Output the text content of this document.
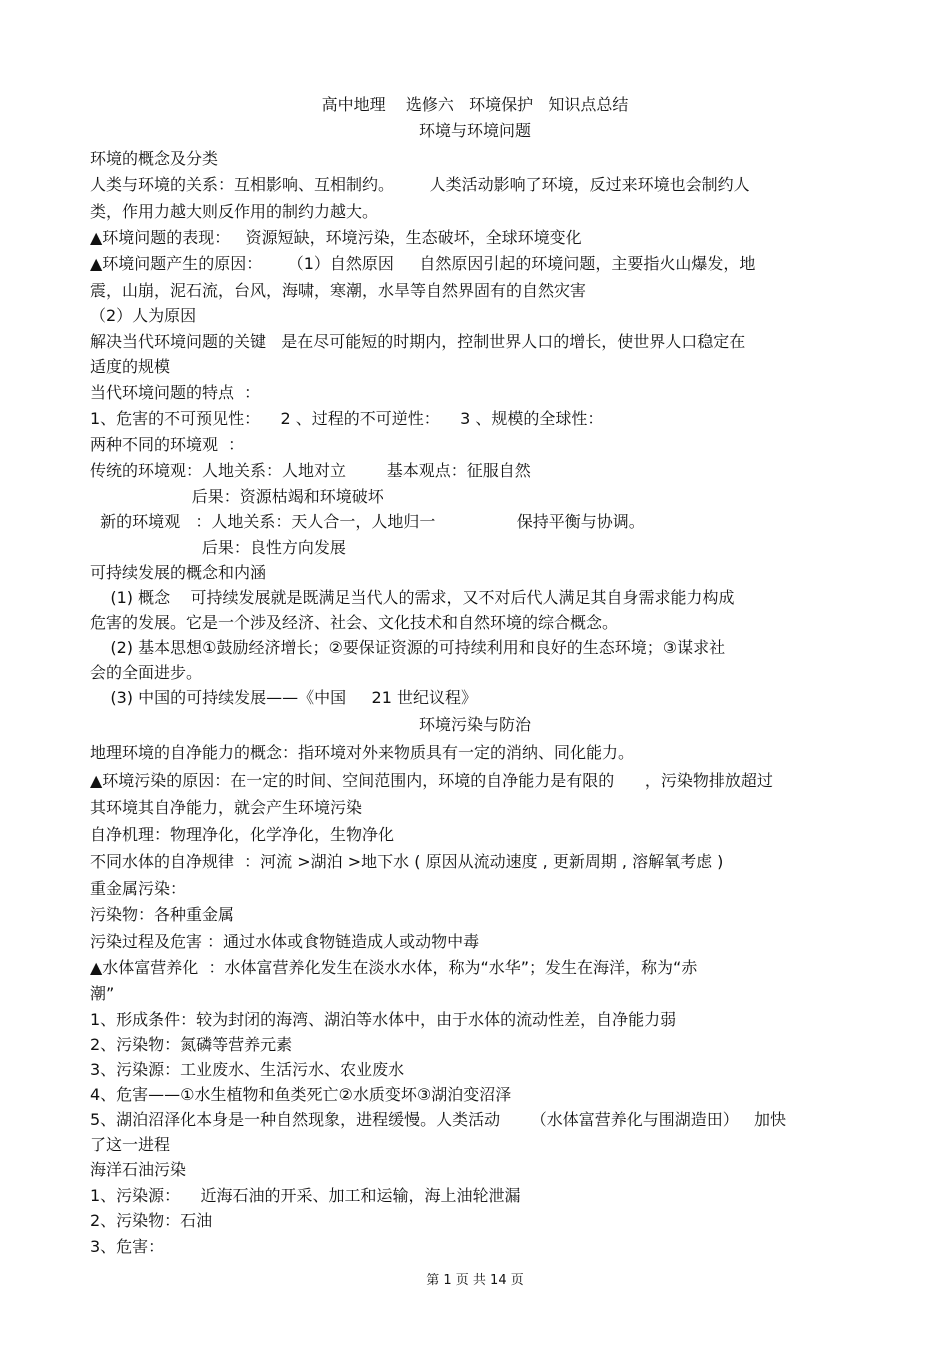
高中地理    选修六   环境保护   知识点总结
环境与环境问题
环境的概念及分类
人类与环境的关系：互相影响、互相制约。       人类活动影响了环境，反过来环境也会制约人
类，作用力越大则反作用的制约力越大。
▲环境问题的表现：   资源短缺，环境污染，生态破坏，全球环境变化
▲环境问题产生的原因：     （1）自然原因     自然原因引起的环境问题，主要指火山爆发，地
震，山崩，泥石流，台风，海啸，寒潮，水旱等自然界固有的自然灾害
（2）人为原因
解决当代环境问题的关键   是在尽可能短的时期内，控制世界人口的增长，使世界人口稳定在
适度的规模
当代环境问题的特点  ：
1、危害的不可预见性：    2 、过程的不可逆性：    3 、规模的全球性：
两种不同的环境观  ：
传统的环境观：人地关系：人地对立        基本观点：征服自然
后果：资源枯竭和环境破坏
新的环境观   ：人地关系：天人合一，人地归一                保持平衡与协调。
后果：良性方向发展
可持续发展的概念和内涵
(1) 概念    可持续发展就是既满足当代人的需求，又不对后代人满足其自身需求能力构成
危害的发展。它是一个涉及经济、社会、文化技术和自然环境的综合概念。
(2) 基本思想①鼓励经济增长；②要保证资源的可持续利用和良好的生态环境；③谋求社
会的全面进步。
(3) 中国的可持续发展——《中国     21 世纪议程》
环境污染与防治
地理环境的自净能力的概念：指环境对外来物质具有一定的消纳、同化能力。
▲环境污染的原因：在一定的时间、空间范围内，环境的自净能力是有限的      ，污染物排放超过
其环境其自净能力，就会产生环境污染
自净机理：物理净化，化学净化，生物净化
不同水体的自净规律  ：河流 >湖泊 >地下水 ( 原因从流动速度 , 更新周期 , 溶解氧考虑 )
重金属污染：
污染物：各种重金属
污染过程及危害 ：通过水体或食物链造成人或动物中毒
▲水体富营养化  ：水体富营养化发生在淡水水体，称为“水华”；发生在海洋，称为“赤
潮”
1、形成条件：较为封闭的海湾、湖泊等水体中，由于水体的流动性差，自净能力弱
2、污染物：氮磷等营养元素
3、污染源：工业废水、生活污水、农业废水
4、危害——①水生植物和鱼类死亡②水质变坏③湖泊变沼泽
5、湖泊沼泽化本身是一种自然现象，进程缓慢。人类活动      （水体富营养化与围湖造田）   加快
了这一进程
海洋石油污染
1、污染源：    近海石油的开采、加工和运输，海上油轮泄漏
2、污染物：石油
3、危害：
第 1 页 共 14 页
